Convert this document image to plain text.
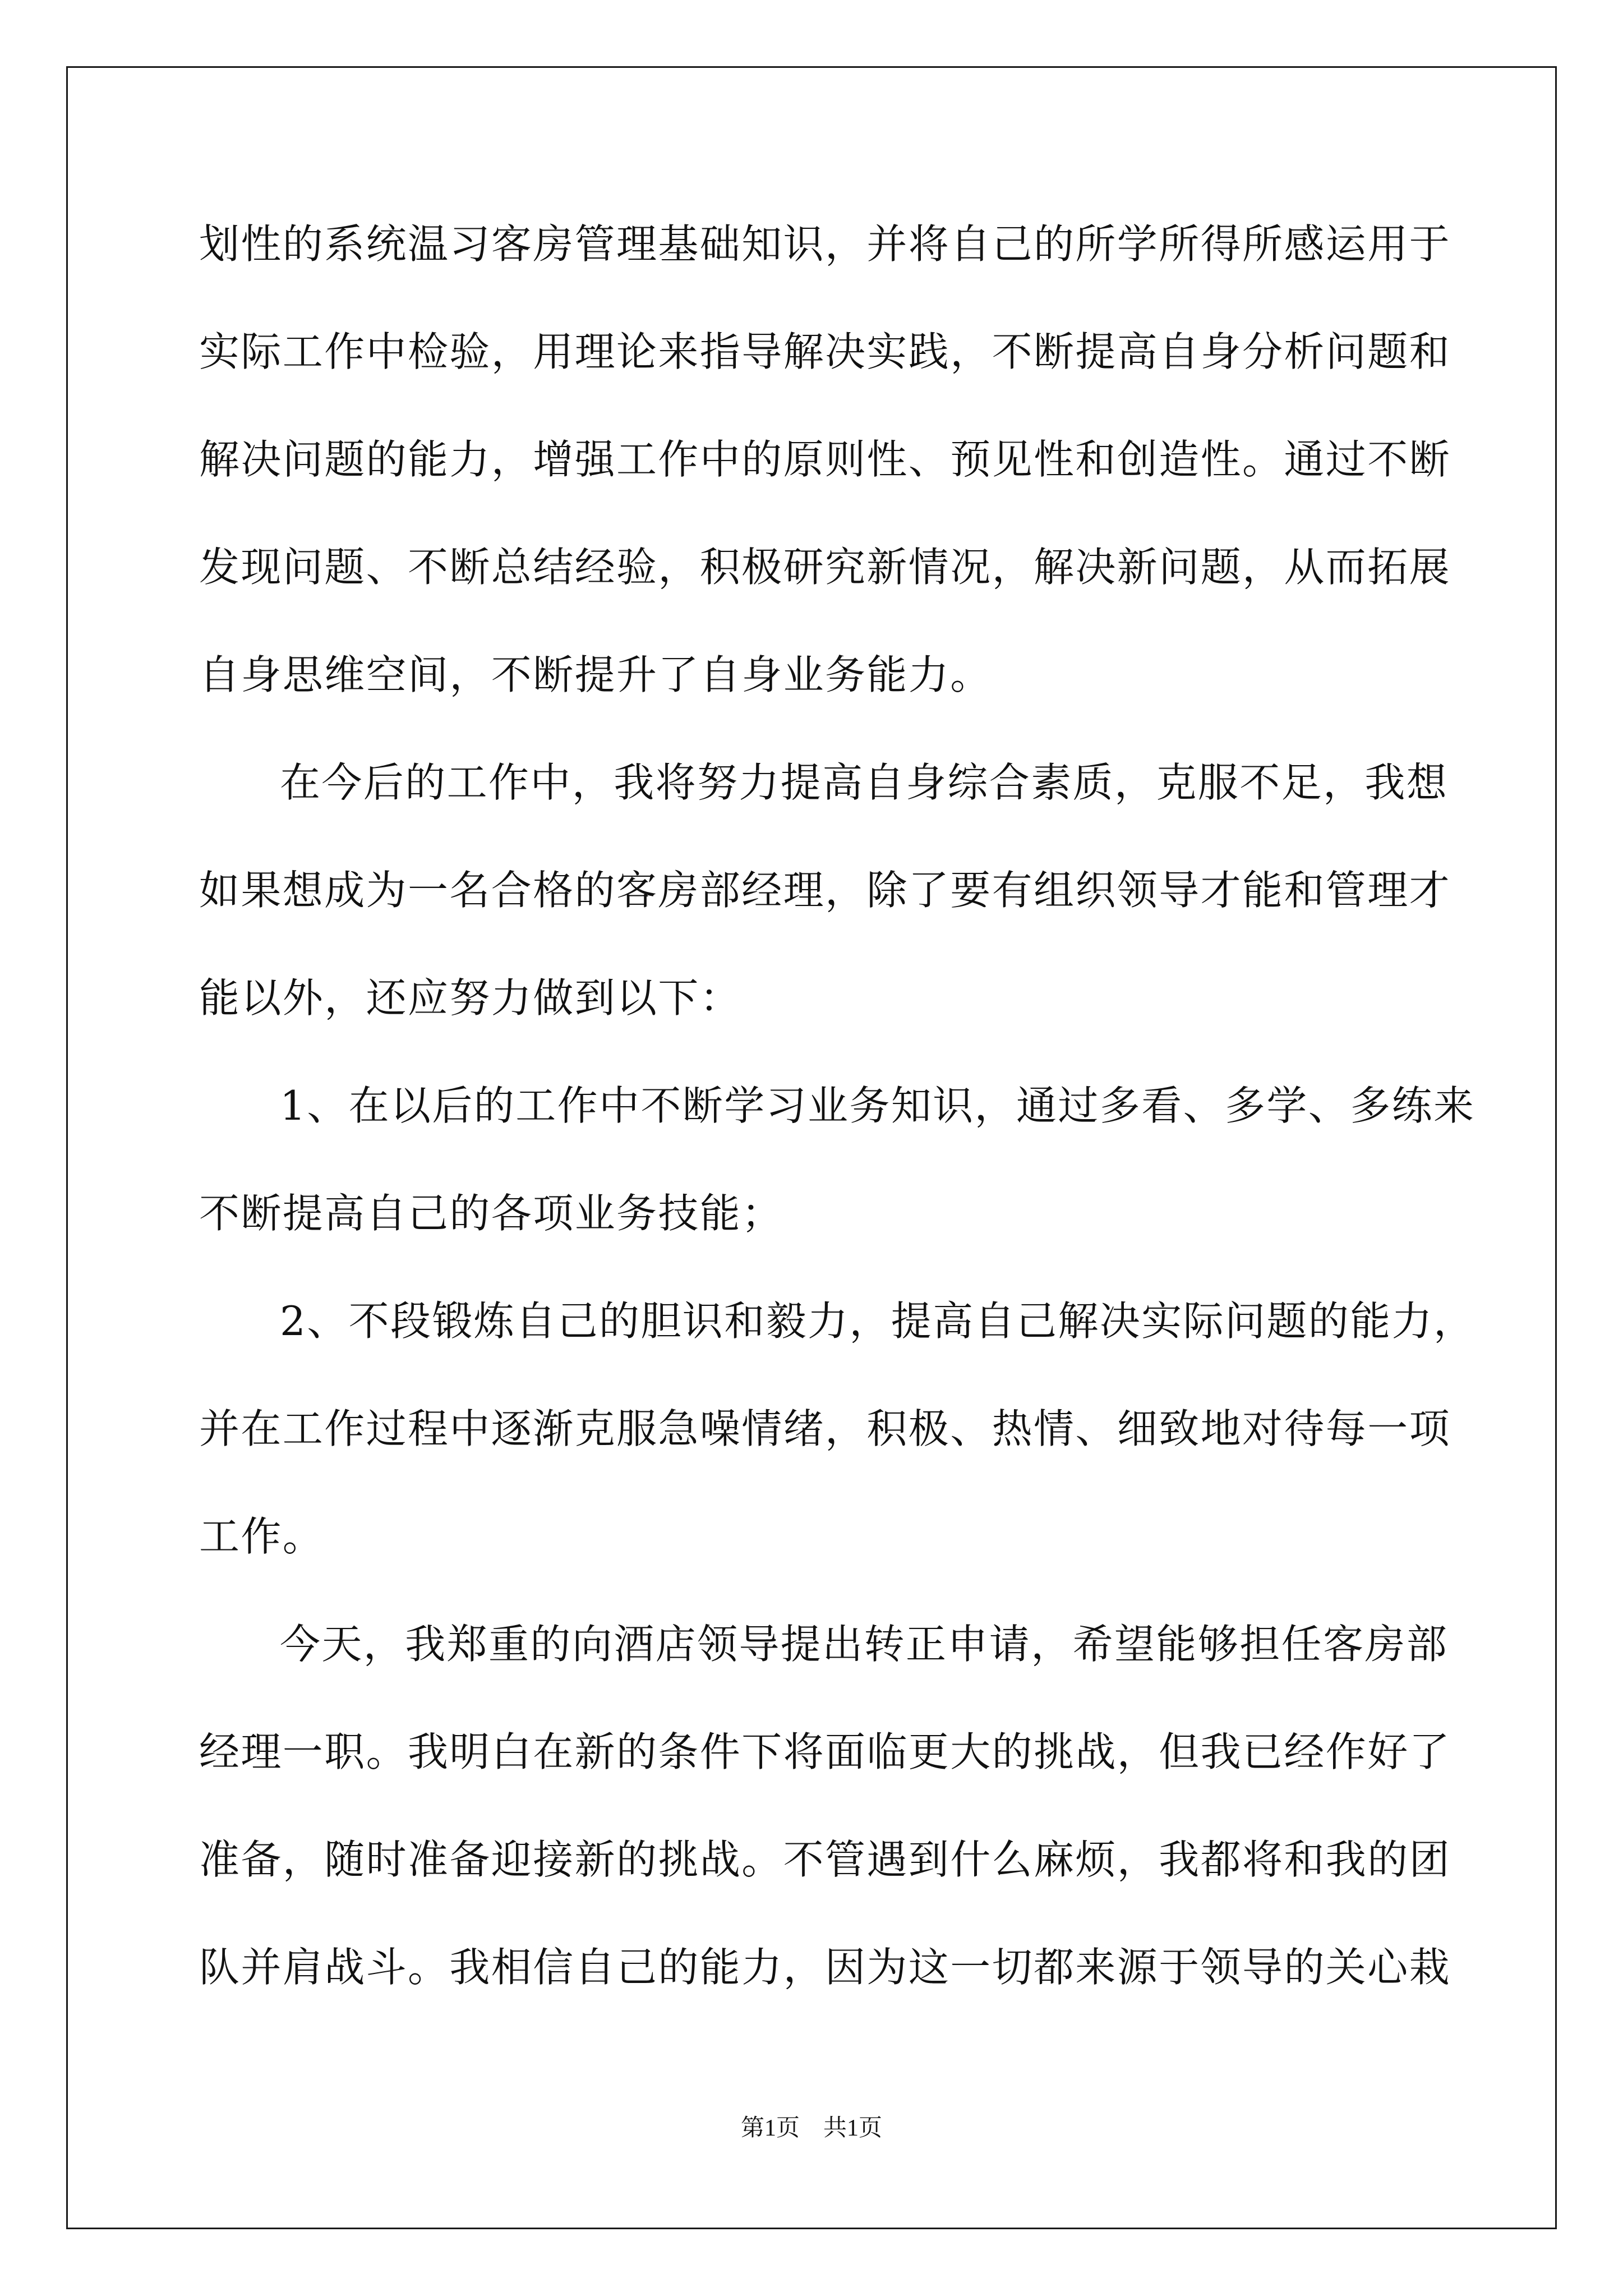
划性的系统温习客房管理基础知识，并将自己的所学所得所感运用于
实际工作中检验，用理论来指导解决实践，不断提高自身分析问题和
解决问题的能力，增强工作中的原则性、预见性和创造性。通过不断
发现问题、不断总结经验，积极研究新情况，解决新问题，从而拓展
自身思维空间，不断提升了自身业务能力。
在今后的工作中，我将努力提高自身综合素质，克服不足，我想
如果想成为一名合格的客房部经理，除了要有组织领导才能和管理才
能以外，还应努力做到以下：
1、在以后的工作中不断学习业务知识，通过多看、多学、多练来
不断提高自己的各项业务技能；
2、不段锻炼自己的胆识和毅力，提高自己解决实际问题的能力，
并在工作过程中逐渐克服急噪情绪，积极、热情、细致地对待每一项
工作。
今天，我郑重的向酒店领导提出转正申请，希望能够担任客房部
经理一职。我明白在新的条件下将面临更大的挑战，但我已经作好了
准备，随时准备迎接新的挑战。不管遇到什么麻烦，我都将和我的团
队并肩战斗。我相信自己的能力，因为这一切都来源于领导的关心栽
第1页　共1页
